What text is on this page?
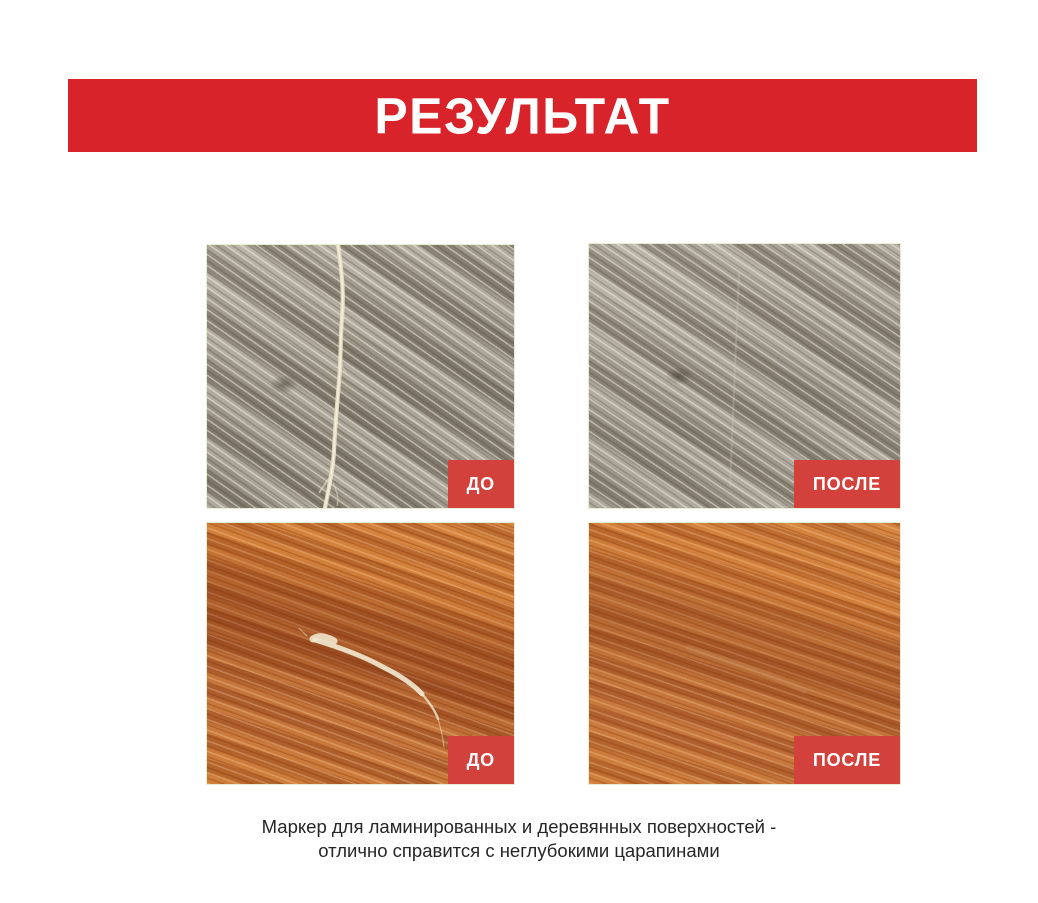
РЕЗУЛЬТАТ
ДО	ПОСЛЕ
ДО	ПОСЛЕ

Маркер для ламинированных и деревянных поверхностей -
отлично справится с неглубокими царапинами
